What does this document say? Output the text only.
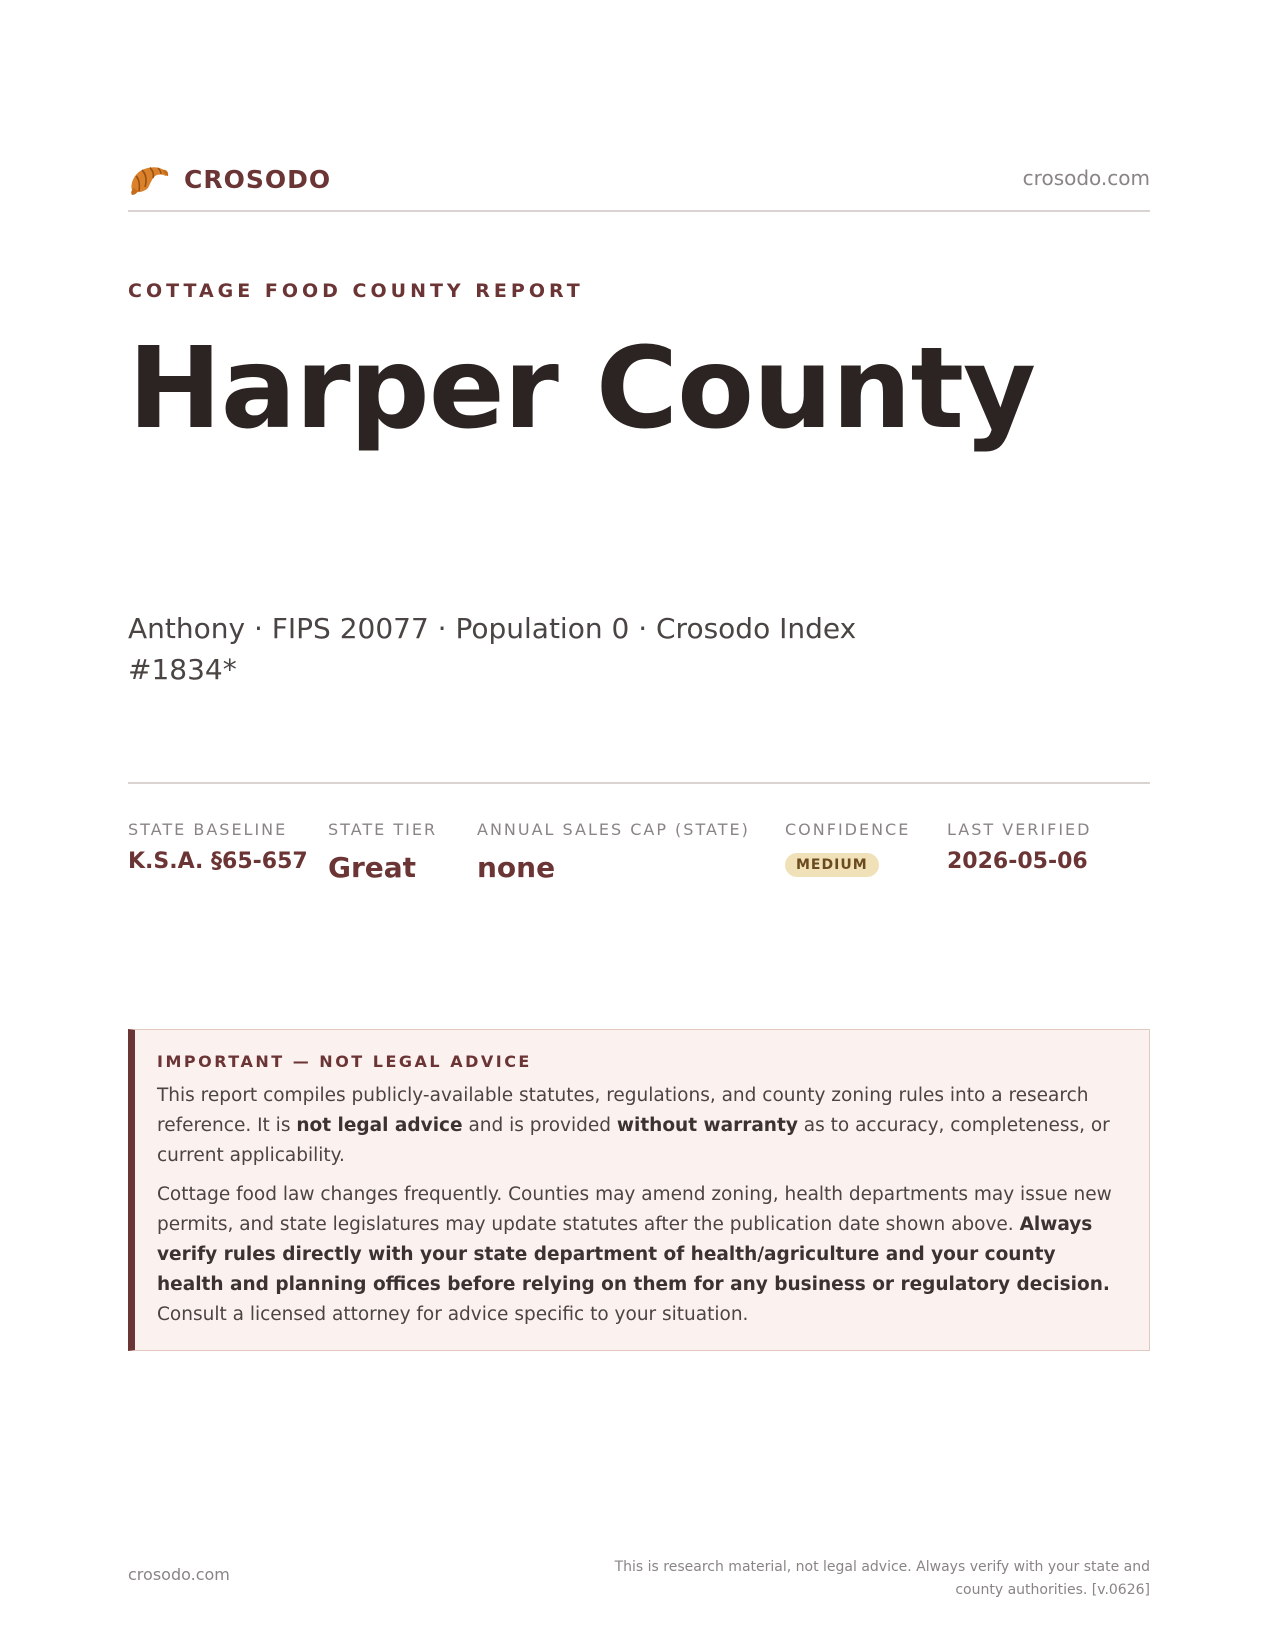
CROSODO	crosodo.com
COTTAGE FOOD COUNTY REPORT
Harper County
Anthony · FIPS 20077 · Population 0 · Crosodo Index #1834*
STATE BASELINE
K.S.A. §65-657
STATE TIER
Great
ANNUAL SALES CAP (STATE)
none
CONFIDENCE
MEDIUM
LAST VERIFIED
2026-05-06
IMPORTANT — NOT LEGAL ADVICE

This report compiles publicly-available statutes, regulations, and county zoning rules into a research reference. It is not legal advice and is provided without warranty as to accuracy, completeness, or current applicability.

Cottage food law changes frequently. Counties may amend zoning, health departments may issue new permits, and state legislatures may update statutes after the publication date shown above. Always verify rules directly with your state department of health/agriculture and your county health and planning offices before relying on them for any business or regulatory decision. Consult a licensed attorney for advice specific to your situation.

crosodo.com	This is research material, not legal advice. Always verify with your state and county authorities. [v.0626]
